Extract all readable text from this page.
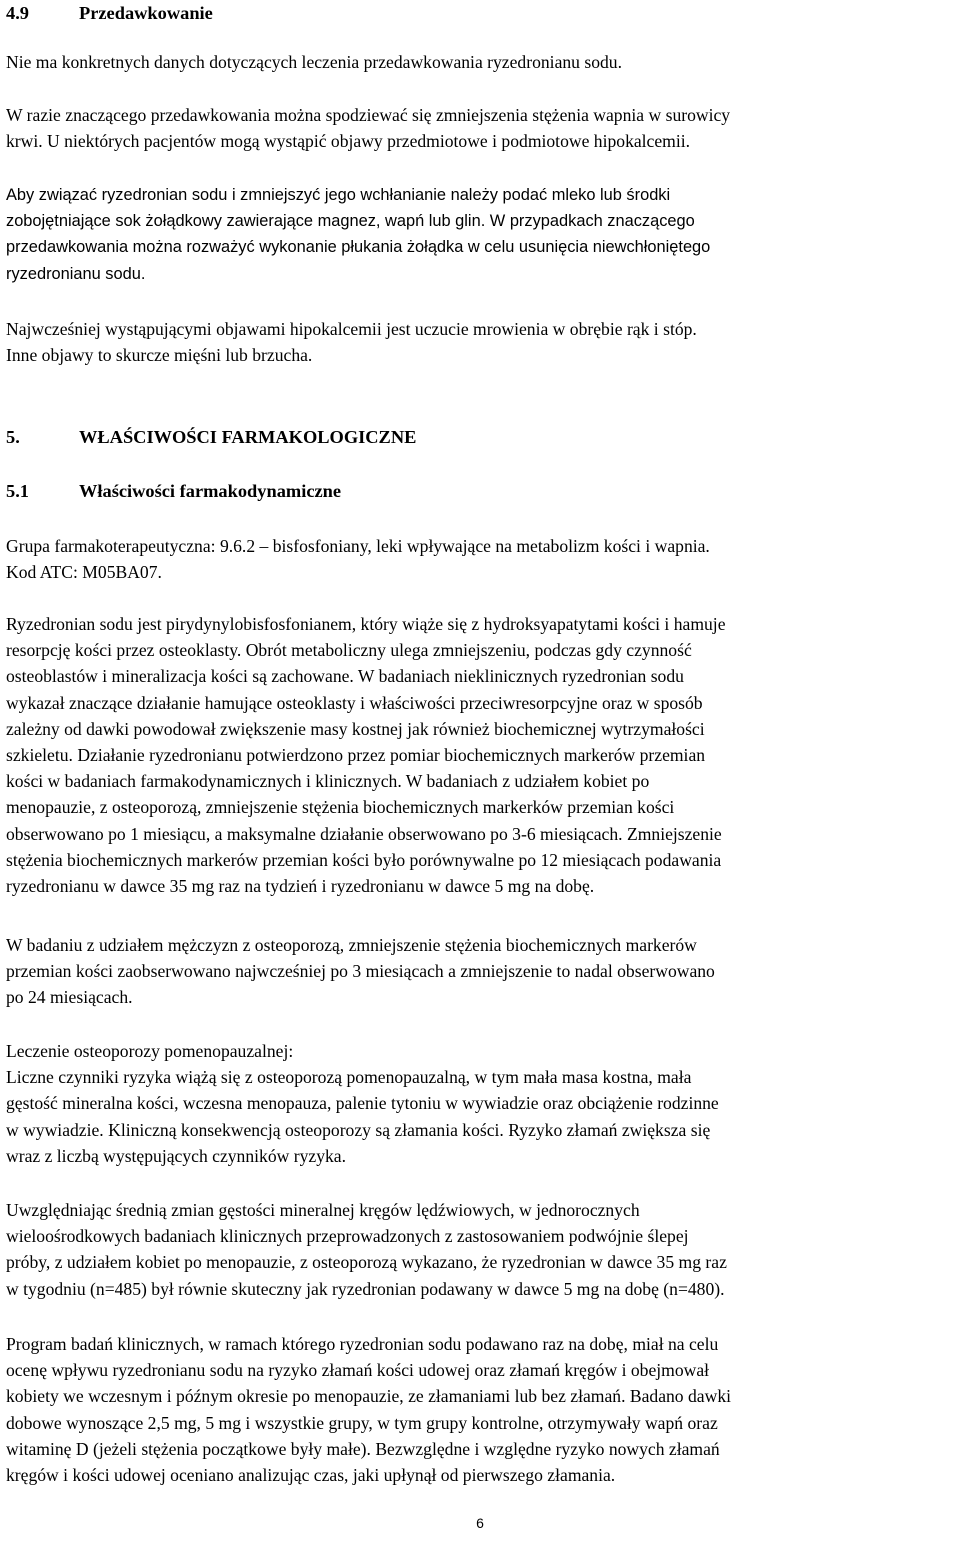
4.9	Przedawkowanie
Nie ma konkretnych danych dotyczących leczenia przedawkowania ryzedronianu sodu.
W razie znaczącego przedawkowania można spodziewać się zmniejszenia stężenia wapnia w surowicy
krwi. U niektórych pacjentów mogą wystąpić objawy przedmiotowe i podmiotowe hipokalcemii.
Aby związać ryzedronian sodu i zmniejszyć jego wchłanianie należy podać mleko lub środki
zobojętniające sok żołądkowy zawierające magnez, wapń lub glin. W przypadkach znaczącego
przedawkowania można rozważyć wykonanie płukania żołądka w celu usunięcia niewchłoniętego
ryzedronianu sodu.
Najwcześniej wystąpującymi objawami hipokalcemii jest uczucie mrowienia w obrębie rąk i stóp.
Inne objawy to skurcze mięśni lub brzucha.
5.	WŁAŚCIWOŚCI FARMAKOLOGICZNE
5.1	Właściwości farmakodynamiczne
Grupa farmakoterapeutyczna: 9.6.2 – bisfosfoniany, leki wpływające na metabolizm kości i wapnia.
Kod ATC: M05BA07.
Ryzedronian sodu jest pirydynylobisfosfonianem, który wiąże się z hydroksyapatytami kości i hamuje
resorpcję kości przez osteoklasty. Obrót metaboliczny ulega zmniejszeniu, podczas gdy czynność
osteoblastów i mineralizacja kości są zachowane. W badaniach nieklinicznych ryzedronian sodu
wykazał znaczące działanie hamujące osteoklasty i właściwości przeciwresorpcyjne oraz w sposób
zależny od dawki powodował zwiększenie masy kostnej jak również biochemicznej wytrzymałości
szkieletu. Działanie ryzedronianu potwierdzono przez pomiar biochemicznych markerów przemian
kości w badaniach farmakodynamicznych i klinicznych. W badaniach z udziałem kobiet po
menopauzie, z osteoporozą, zmniejszenie stężenia biochemicznych markerków przemian kości
obserwowano po 1 miesiącu, a maksymalne działanie obserwowano po 3-6 miesiącach. Zmniejszenie
stężenia biochemicznych markerów przemian kości było porównywalne po 12 miesiącach podawania
ryzedronianu w dawce 35 mg raz na tydzień i ryzedronianu w dawce 5 mg na dobę.
W badaniu z udziałem mężczyzn z osteoporozą, zmniejszenie stężenia biochemicznych markerów
przemian kości zaobserwowano najwcześniej po 3 miesiącach a zmniejszenie to nadal obserwowano
po 24 miesiącach.
Leczenie osteoporozy pomenopauzalnej:
Liczne czynniki ryzyka wiążą się z osteoporozą pomenopauzalną, w tym mała masa kostna, mała
gęstość mineralna kości, wczesna menopauza, palenie tytoniu w wywiadzie oraz obciążenie rodzinne
w wywiadzie. Kliniczną konsekwencją osteoporozy są złamania kości. Ryzyko złamań zwiększa się
wraz z liczbą występujących czynników ryzyka.
Uwzględniając średnią zmian gęstości mineralnej kręgów lędźwiowych, w jednorocznych
wieloośrodkowych badaniach klinicznych przeprowadzonych z zastosowaniem podwójnie ślepej
próby, z udziałem kobiet po menopauzie, z osteoporozą wykazano, że ryzedronian w dawce 35 mg raz
w tygodniu (n=485) był równie skuteczny jak ryzedronian podawany w dawce 5 mg na dobę (n=480).
Program badań klinicznych, w ramach którego ryzedronian sodu podawano raz na dobę, miał na celu
ocenę wpływu ryzedronianu sodu na ryzyko złamań kości udowej oraz złamań kręgów i obejmował
kobiety we wczesnym i późnym okresie po menopauzie, ze złamaniami lub bez złamań. Badano dawki
dobowe wynoszące 2,5 mg, 5 mg i wszystkie grupy, w tym grupy kontrolne, otrzymywały wapń oraz
witaminę D (jeżeli stężenia początkowe były małe). Bezwzględne i względne ryzyko nowych złamań
kręgów i kości udowej oceniano analizując czas, jaki upłynął od pierwszego złamania.
6
